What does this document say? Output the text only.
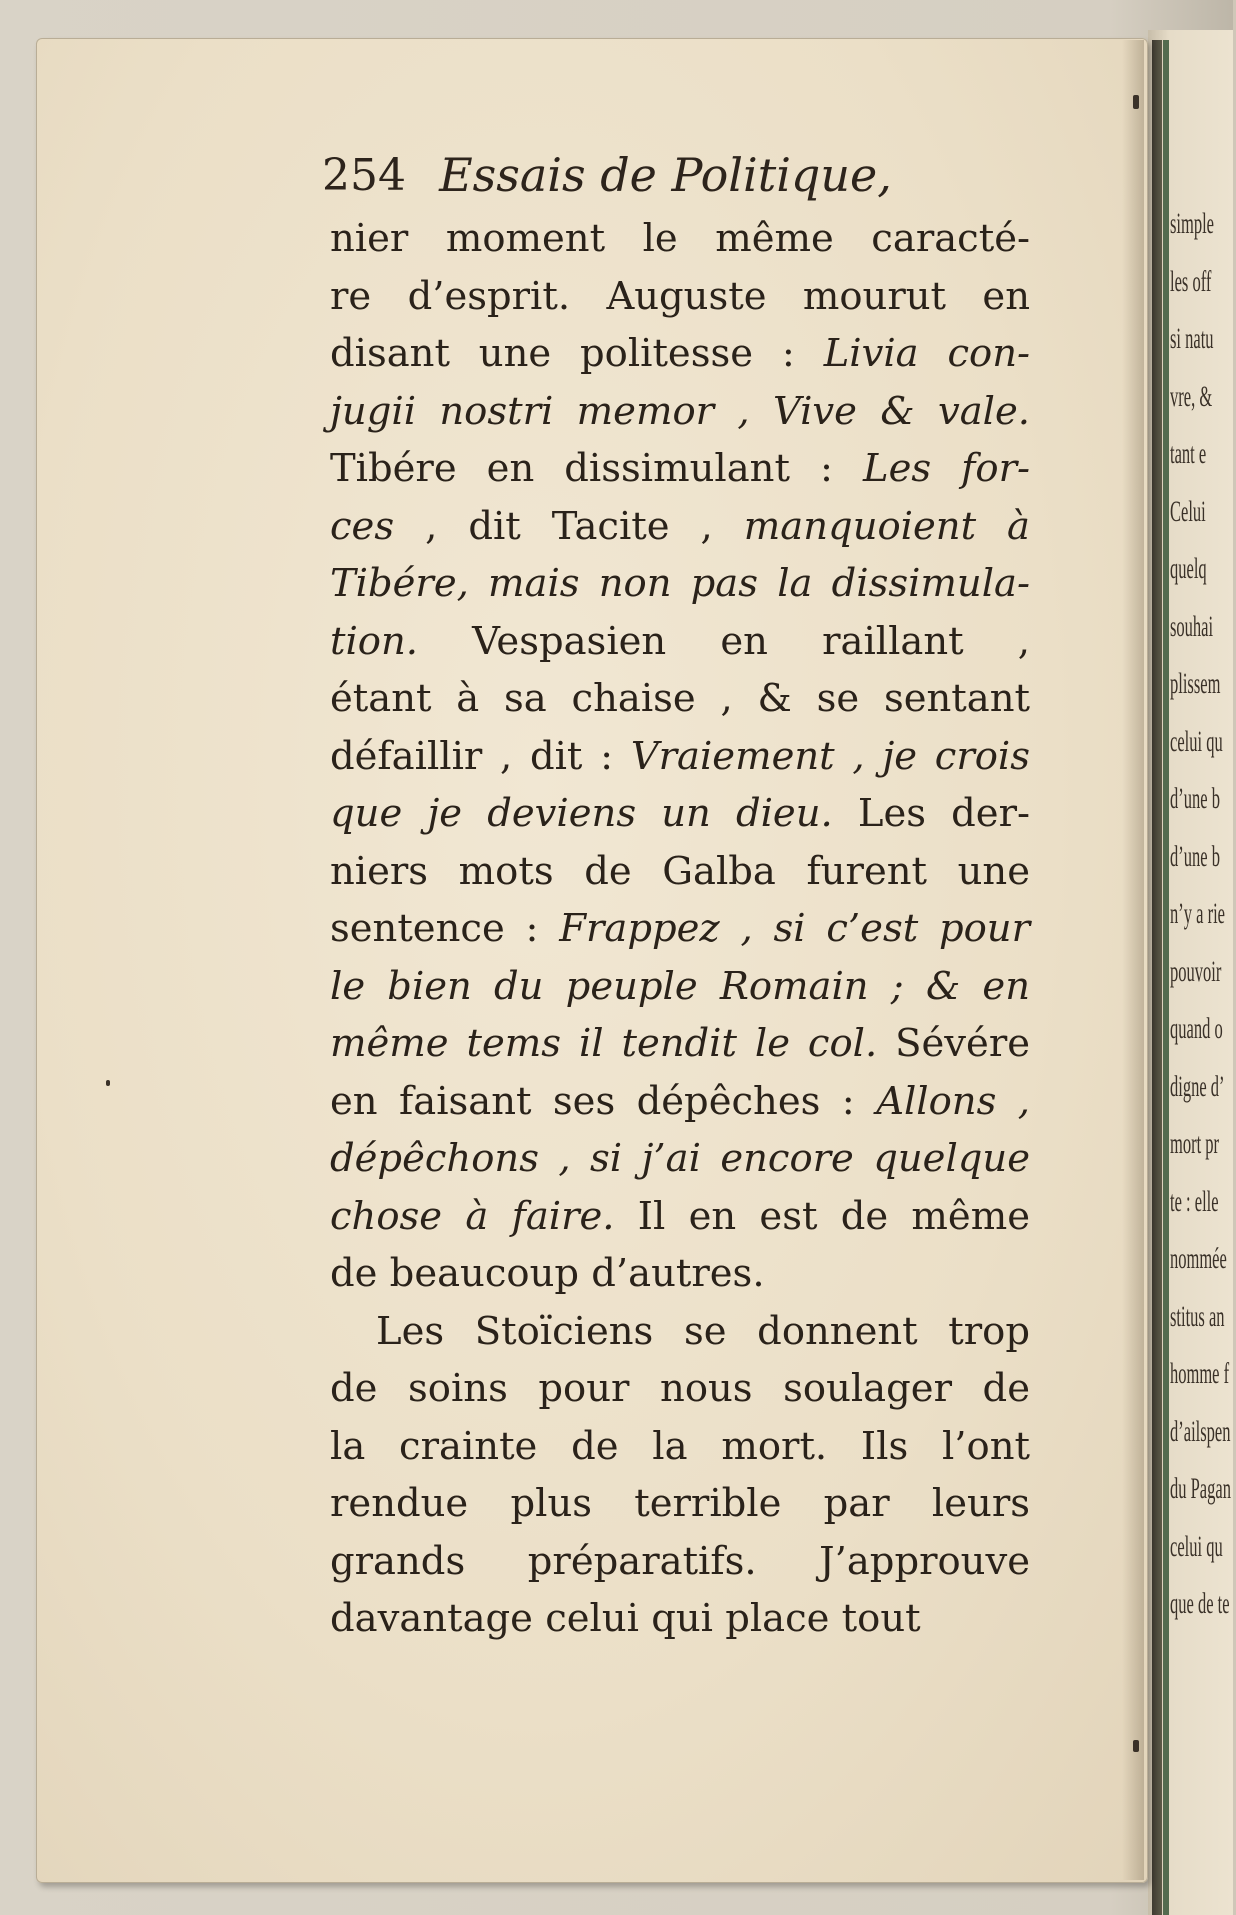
simple
les off
si natu
vre, &
tant e
Celui
quelq
souhai
plissem
celui qu
d’une b
d’une b
n’y a rie
pouvoir
quand o
digne d’
mort pr
te : elle
nommée
stitus an
homme f
d’ailspen
du Pagan
celui qu
que de te
254 Essais de Politique,
nier moment le même caracté-
re d’esprit. Auguste mourut en
disant une politesse : Livia con-
jugii nostri memor , Vive & vale.
Tibére en dissimulant : Les for-
ces , dit Tacite , manquoient à
Tibére, mais non pas la dissimula-
tion. Vespasien en raillant ,
étant à sa chaise , & se sentant
défaillir , dit : Vraiement , je crois
que je deviens un dieu. Les der-
niers mots de Galba furent une
sentence : Frappez , si c’est pour
le bien du peuple Romain ; & en
même tems il tendit le col. Sévére
en faisant ses dépêches : Allons ,
dépêchons , si j’ai encore quelque
chose à faire. Il en est de même
de beaucoup d’autres.
Les Stoïciens se donnent trop
de soins pour nous soulager de
la crainte de la mort. Ils l’ont
rendue plus terrible par leurs
grands préparatifs. J’approuve
davantage celui qui place tout
